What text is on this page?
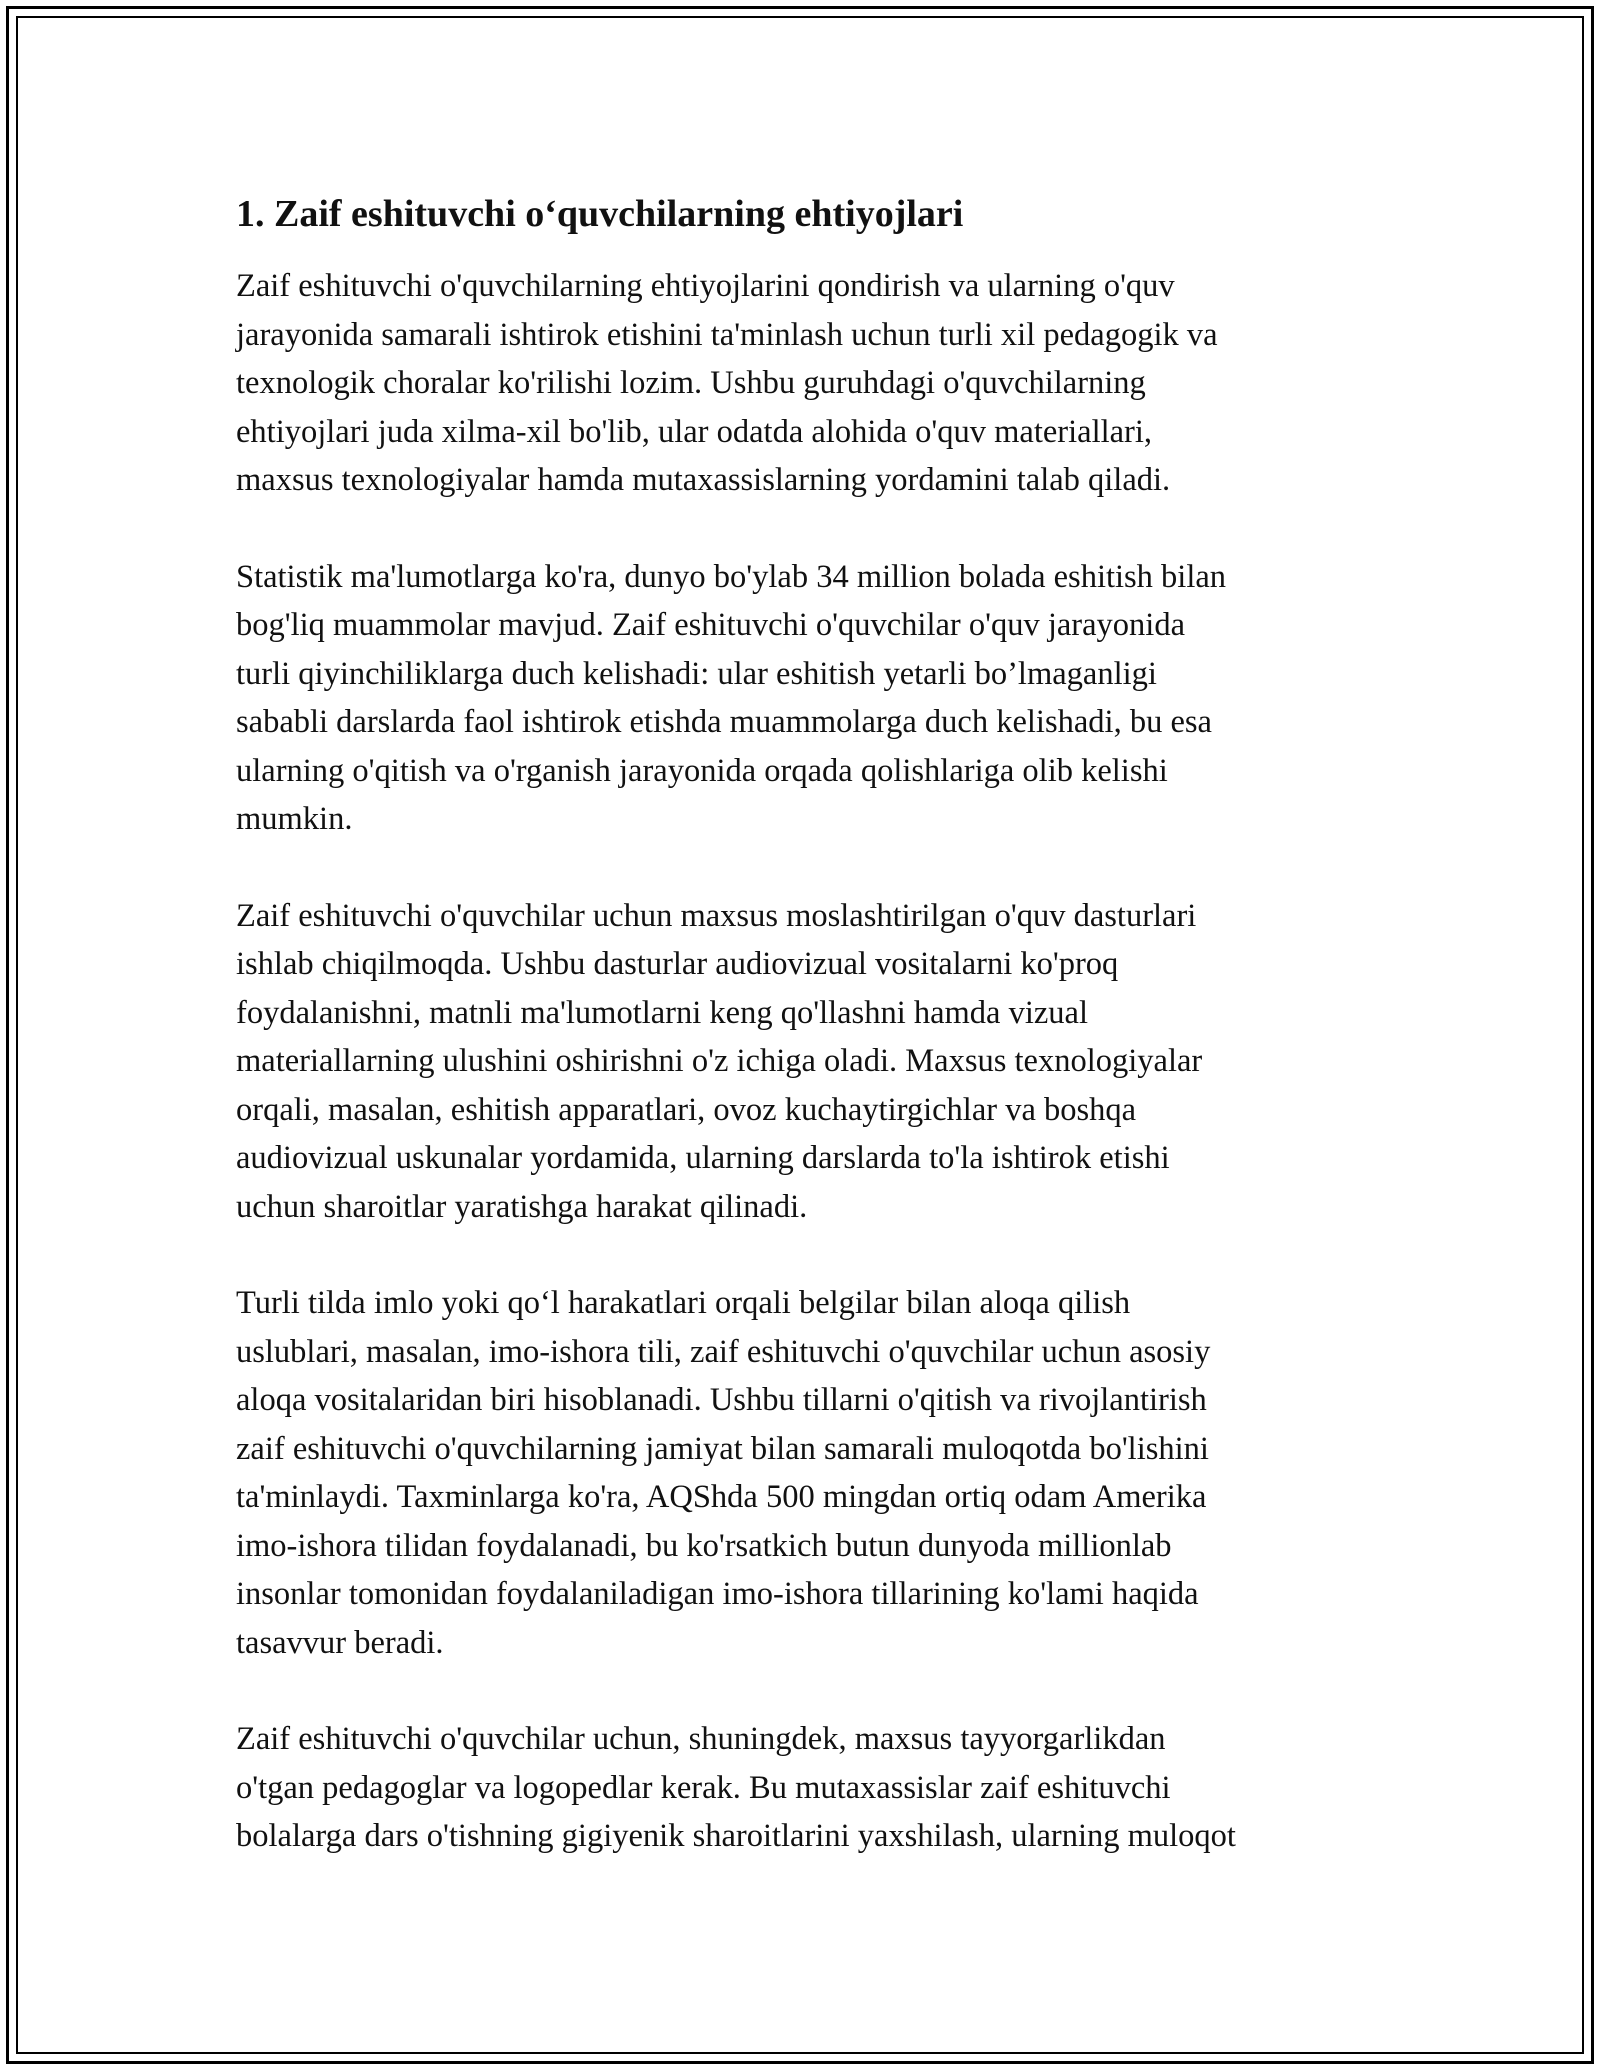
1. Zaif eshituvchi o‘quvchilarning ehtiyojlari

Zaif eshituvchi o'quvchilarning ehtiyojlarini qondirish va ularning o'quv
jarayonida samarali ishtirok etishini ta'minlash uchun turli xil pedagogik va
texnologik choralar ko'rilishi lozim. Ushbu guruhdagi o'quvchilarning
ehtiyojlari juda xilma-xil bo'lib, ular odatda alohida o'quv materiallari,
maxsus texnologiyalar hamda mutaxassislarning yordamini talab qiladi.

Statistik ma'lumotlarga ko'ra, dunyo bo'ylab 34 million bolada eshitish bilan
bog'liq muammolar mavjud. Zaif eshituvchi o'quvchilar o'quv jarayonida
turli qiyinchiliklarga duch kelishadi: ular eshitish yetarli bo’lmaganligi
sababli darslarda faol ishtirok etishda muammolarga duch kelishadi, bu esa
ularning o'qitish va o'rganish jarayonida orqada qolishlariga olib kelishi
mumkin.

Zaif eshituvchi o'quvchilar uchun maxsus moslashtirilgan o'quv dasturlari
ishlab chiqilmoqda. Ushbu dasturlar audiovizual vositalarni ko'proq
foydalanishni, matnli ma'lumotlarni keng qo'llashni hamda vizual
materiallarning ulushini oshirishni o'z ichiga oladi. Maxsus texnologiyalar
orqali, masalan, eshitish apparatlari, ovoz kuchaytirgichlar va boshqa
audiovizual uskunalar yordamida, ularning darslarda to'la ishtirok etishi
uchun sharoitlar yaratishga harakat qilinadi.

Turli tilda imlo yoki qo‘l harakatlari orqali belgilar bilan aloqa qilish
uslublari, masalan, imo-ishora tili, zaif eshituvchi o'quvchilar uchun asosiy
aloqa vositalaridan biri hisoblanadi. Ushbu tillarni o'qitish va rivojlantirish
zaif eshituvchi o'quvchilarning jamiyat bilan samarali muloqotda bo'lishini
ta'minlaydi. Taxminlarga ko'ra, AQShda 500 mingdan ortiq odam Amerika
imo-ishora tilidan foydalanadi, bu ko'rsatkich butun dunyoda millionlab
insonlar tomonidan foydalaniladigan imo-ishora tillarining ko'lami haqida
tasavvur beradi.

Zaif eshituvchi o'quvchilar uchun, shuningdek, maxsus tayyorgarlikdan
o'tgan pedagoglar va logopedlar kerak. Bu mutaxassislar zaif eshituvchi
bolalarga dars o'tishning gigiyenik sharoitlarini yaxshilash, ularning muloqot
